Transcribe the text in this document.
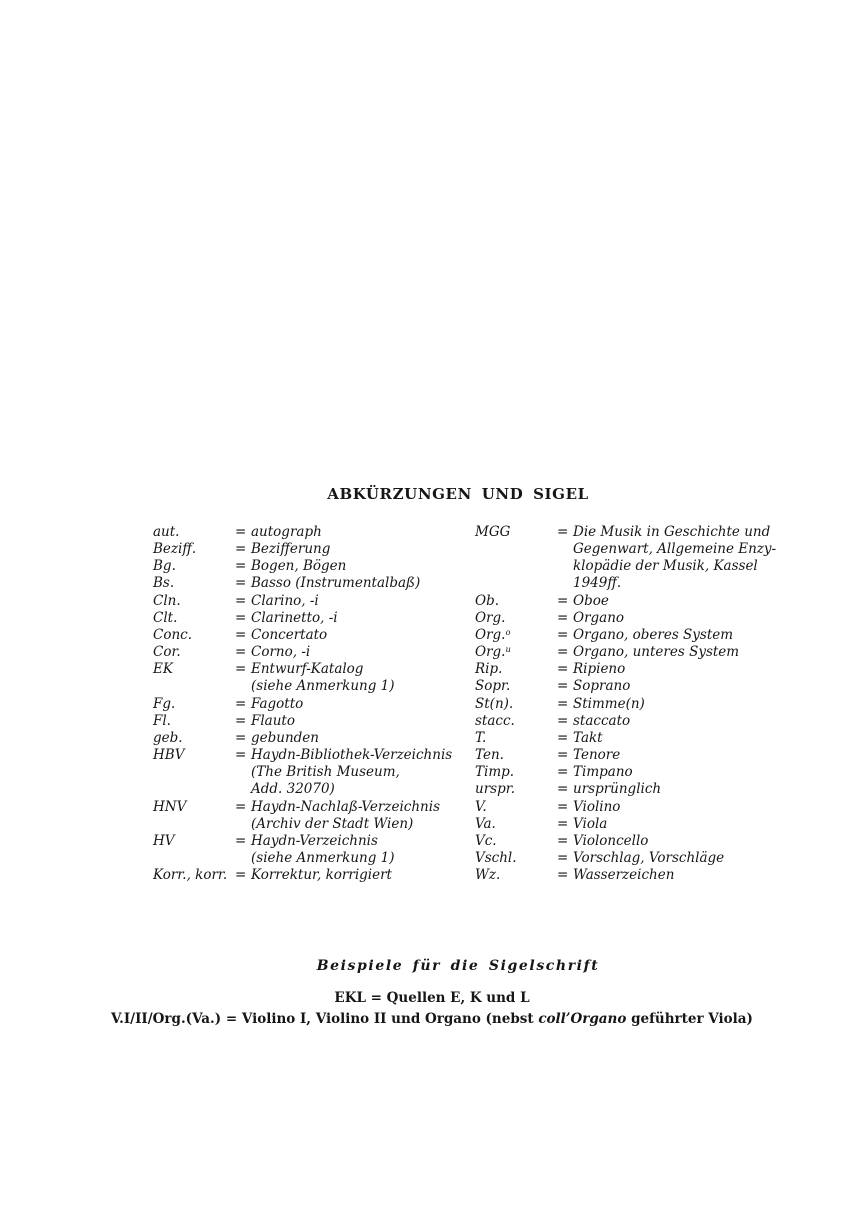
ABKÜRZUNGEN UND SIGEL
aut.	= autograph
Beziff.	= Bezifferung
Bg.	= Bogen, Bögen
Bs.	= Basso (Instrumentalbaß)
Cln.	= Clarino, -i
Clt.	= Clarinetto, -i
Conc.	= Concertato
Cor.	= Corno, -i
EK	= Entwurf-Katalog
(siehe Anmerkung 1)
Fg.	= Fagotto
Fl.	= Flauto
geb.	= gebunden
HBV	= Haydn-Bibliothek-Verzeichnis
(The British Museum,
Add. 32070)
HNV	= Haydn-Nachlaß-Verzeichnis
(Archiv der Stadt Wien)
HV	= Haydn-Verzeichnis
(siehe Anmerkung 1)
Korr., korr. = Korrektur, korrigiert
MGG	= Die Musik in Geschichte und
Gegenwart, Allgemeine Enzy-
klopädie der Musik, Kassel
1949ff.
Ob.	= Oboe
Org.	= Organo
Org.$^o$	= Organo, oberes System
Org.$^u$	= Organo, unteres System
Rip.	= Ripieno
Sopr.	= Soprano
St(n).	= Stimme(n)
stacc.	= staccato
T.	= Takt
Ten.	= Tenore
Timp.	= Timpano
urspr.	= ursprünglich
V.	= Violino
Va.	= Viola
Vc.	= Violoncello
Vschl.	= Vorschlag, Vorschläge
Wz.	= Wasserzeichen
Beispiele für die Sigelschrift
EKL = Quellen E, K und L
V.I/II/Org.(Va.) = Violino I, Violino II und Organo (nebst coll’Organo geführter Viola)
